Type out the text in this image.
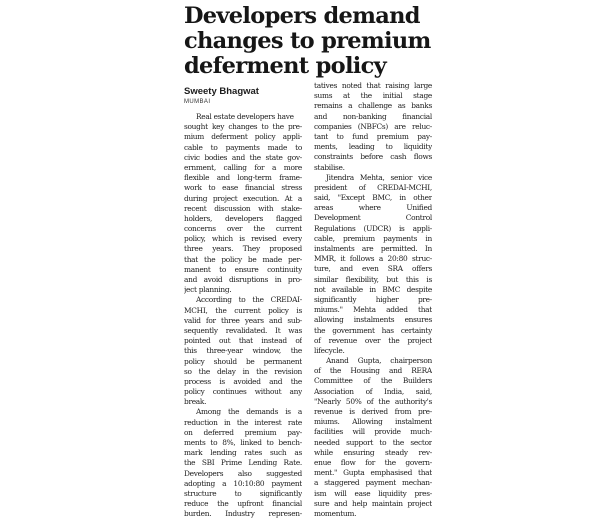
Developers demand
changes to premium
deferment policy
Sweety Bhagwat
MUMBAI
Real estate developers have
sought key changes to the pre-
mium deferment policy appli-
cable to payments made to
civic bodies and the state gov-
ernment, calling for a more
flexible and long-term frame-
work to ease financial stress
during project execution. At a
recent discussion with stake-
holders, developers flagged
concerns over the current
policy, which is revised every
three years. They proposed
that the policy be made per-
manent to ensure continuity
and avoid disruptions in pro-
ject planning.
According to the CREDAI-
MCHI, the current policy is
valid for three years and sub-
sequently revalidated. It was
pointed out that instead of
this three-year window, the
policy should be permanent
so the delay in the revision
process is avoided and the
policy continues without any
break.
Among the demands is a
reduction in the interest rate
on deferred premium pay-
ments to 8%, linked to bench-
mark lending rates such as
the SBI Prime Lending Rate.
Developers also suggested
adopting a 10:10:80 payment
structure to significantly
reduce the upfront financial
burden. Industry represen-
tatives noted that raising large
sums at the initial stage
remains a challenge as banks
and non-banking financial
companies (NBFCs) are reluc-
tant to fund premium pay-
ments, leading to liquidity
constraints before cash flows
stabilise.
Jitendra Mehta, senior vice
president of CREDAI-MCHI,
said, "Except BMC, in other
areas where Unified
Development Control
Regulations (UDCR) is appli-
cable, premium payments in
instalments are permitted. In
MMR, it follows a 20:80 struc-
ture, and even SRA offers
similar flexibility, but this is
not available in BMC despite
significantly higher pre-
miums." Mehta added that
allowing instalments ensures
the government has certainty
of revenue over the project
lifecycle.
Anand Gupta, chairperson
of the Housing and RERA
Committee of the Builders
Association of India, said,
"Nearly 50% of the authority's
revenue is derived from pre-
miums. Allowing instalment
facilities will provide much-
needed support to the sector
while ensuring steady rev-
enue flow for the govern-
ment." Gupta emphasised that
a staggered payment mechan-
ism will ease liquidity pres-
sure and help maintain project
momentum.
